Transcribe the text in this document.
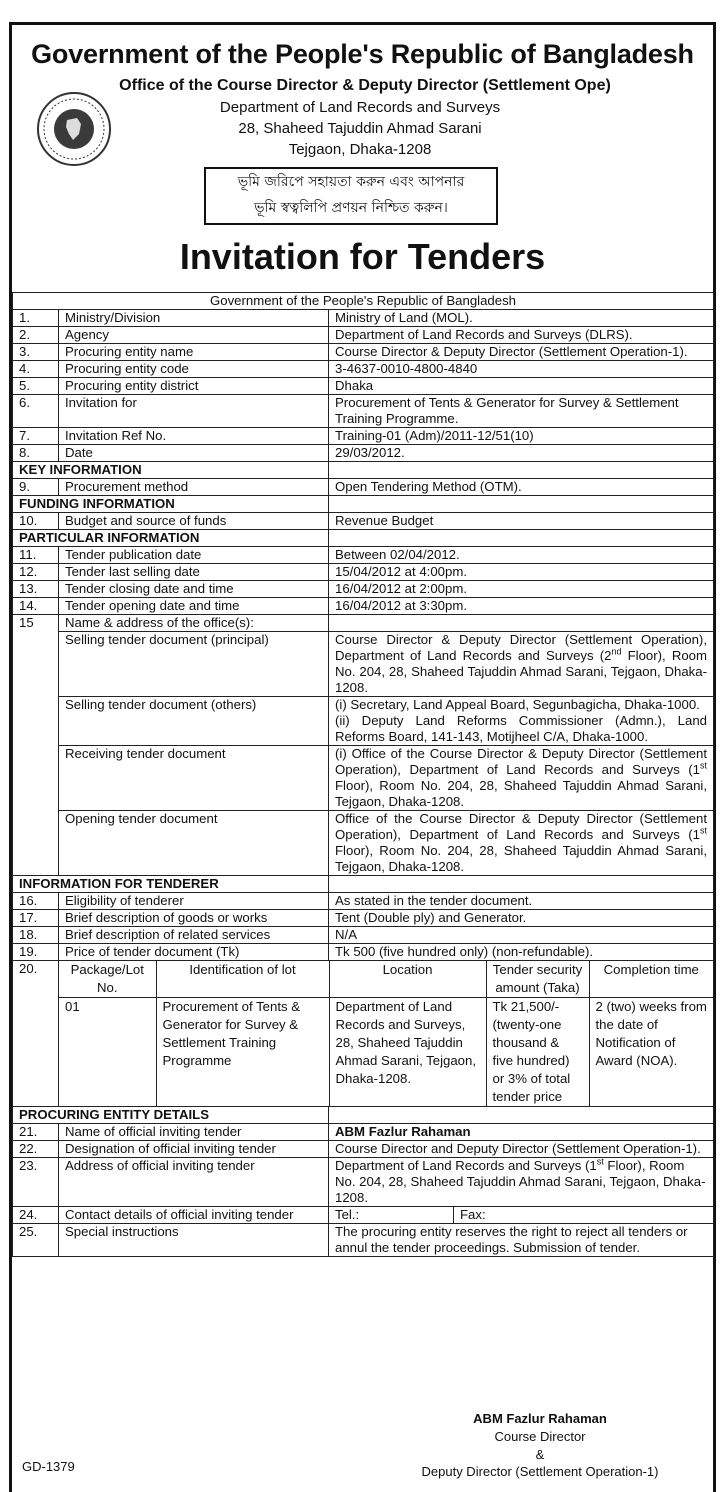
Government of the People's Republic of Bangladesh
Office of the Course Director & Deputy Director (Settlement Ope)
Department of Land Records and Surveys
28, Shaheed Tajuddin Ahmad Sarani
Tejgaon, Dhaka-1208
ভূমি জরিপে সহায়তা করুন এবং আপনার
ভূমি স্বত্বলিপি প্রণয়ন নিশ্চিত করুন।
Invitation for Tenders
Government of the People's Republic of Bangladesh
1.	Ministry/Division	Ministry of Land (MOL).
2.	Agency	Department of Land Records and Surveys (DLRS).
3.	Procuring entity name	Course Director & Deputy Director (Settlement Operation-1).
4.	Procuring entity code	3-4637-0010-4800-4840
5.	Procuring entity district	Dhaka
6.	Invitation for	Procurement of Tents & Generator for Survey & Settlement Training Programme.
7.	Invitation Ref No.	Training-01 (Adm)/2011-12/51(10)
8.	Date	29/03/2012.
KEY INFORMATION	
9.	Procurement method	Open Tendering Method (OTM).
FUNDING INFORMATION	
10.	Budget and source of funds	Revenue Budget
PARTICULAR INFORMATION	
11.	Tender publication date	Between 02/04/2012.
12.	Tender last selling date	15/04/2012 at 4:00pm.
13.	Tender closing date and time	16/04/2012 at 2:00pm.
14.	Tender opening date and time	16/04/2012 at 3:30pm.
15	Name & address of the office(s):	
Selling tender document (principal)	Course Director & Deputy Director (Settlement Operation), Department of Land Records and Surveys (2nd Floor), Room No. 204, 28, Shaheed Tajuddin Ahmad Sarani, Tejgaon, Dhaka-1208.
Selling tender document (others)	(i) Secretary, Land Appeal Board, Segunbagicha, Dhaka-1000.
(ii) Deputy Land Reforms Commissioner (Admn.), Land Reforms Board, 141-143, Motijheel C/A, Dhaka-1000.

Receiving tender document	(i) Office of the Course Director & Deputy Director (Settlement Operation), Department of Land Records and Surveys (1st Floor), Room No. 204, 28, Shaheed Tajuddin Ahmad Sarani, Tejgaon, Dhaka-1208.
Opening tender document	Office of the Course Director & Deputy Director (Settlement Operation), Department of Land Records and Surveys (1st Floor), Room No. 204, 28, Shaheed Tajuddin Ahmad Sarani, Tejgaon, Dhaka-1208.
INFORMATION FOR TENDERER	
16.	Eligibility of tenderer	As stated in the tender document.
17.	Brief description of goods or works	Tent (Double ply) and Generator.
18.	Brief description of related services	N/A
19.	Price of tender document (Tk)	Tk 500 (five hundred only) (non-refundable).
20.		Package/Lot No.	Identification of lot	Location	Tender security amount (Taka)	Completion time
01	Procurement of Tents & Generator for Survey & Settlement Training Programme	Department of Land Records and Surveys, 28, Shaheed Tajuddin Ahmad Sarani, Tejgaon, Dhaka-1208.	Tk 21,500/- (twenty-one thousand & five hundred) or 3% of total tender price	2 (two) weeks from the date of Notification of Award (NOA).

PROCURING ENTITY DETAILS	
21.	Name of official inviting tender	ABM Fazlur Rahaman
22.	Designation of official inviting tender	Course Director and Deputy Director (Settlement Operation-1).
23.	Address of official inviting tender	Department of Land Records and Surveys (1st Floor), Room No. 204, 28, Shaheed Tajuddin Ahmad Sarani, Tejgaon, Dhaka-1208.
24.	Contact details of official inviting tender	Tel.:	Fax:

25.	Special instructions	The procuring entity reserves the right to reject all tenders or annul the tender proceedings. Submission of tender.
ABM Fazlur Rahaman
Course Director
&
Deputy Director (Settlement Operation-1)
GD-1379
